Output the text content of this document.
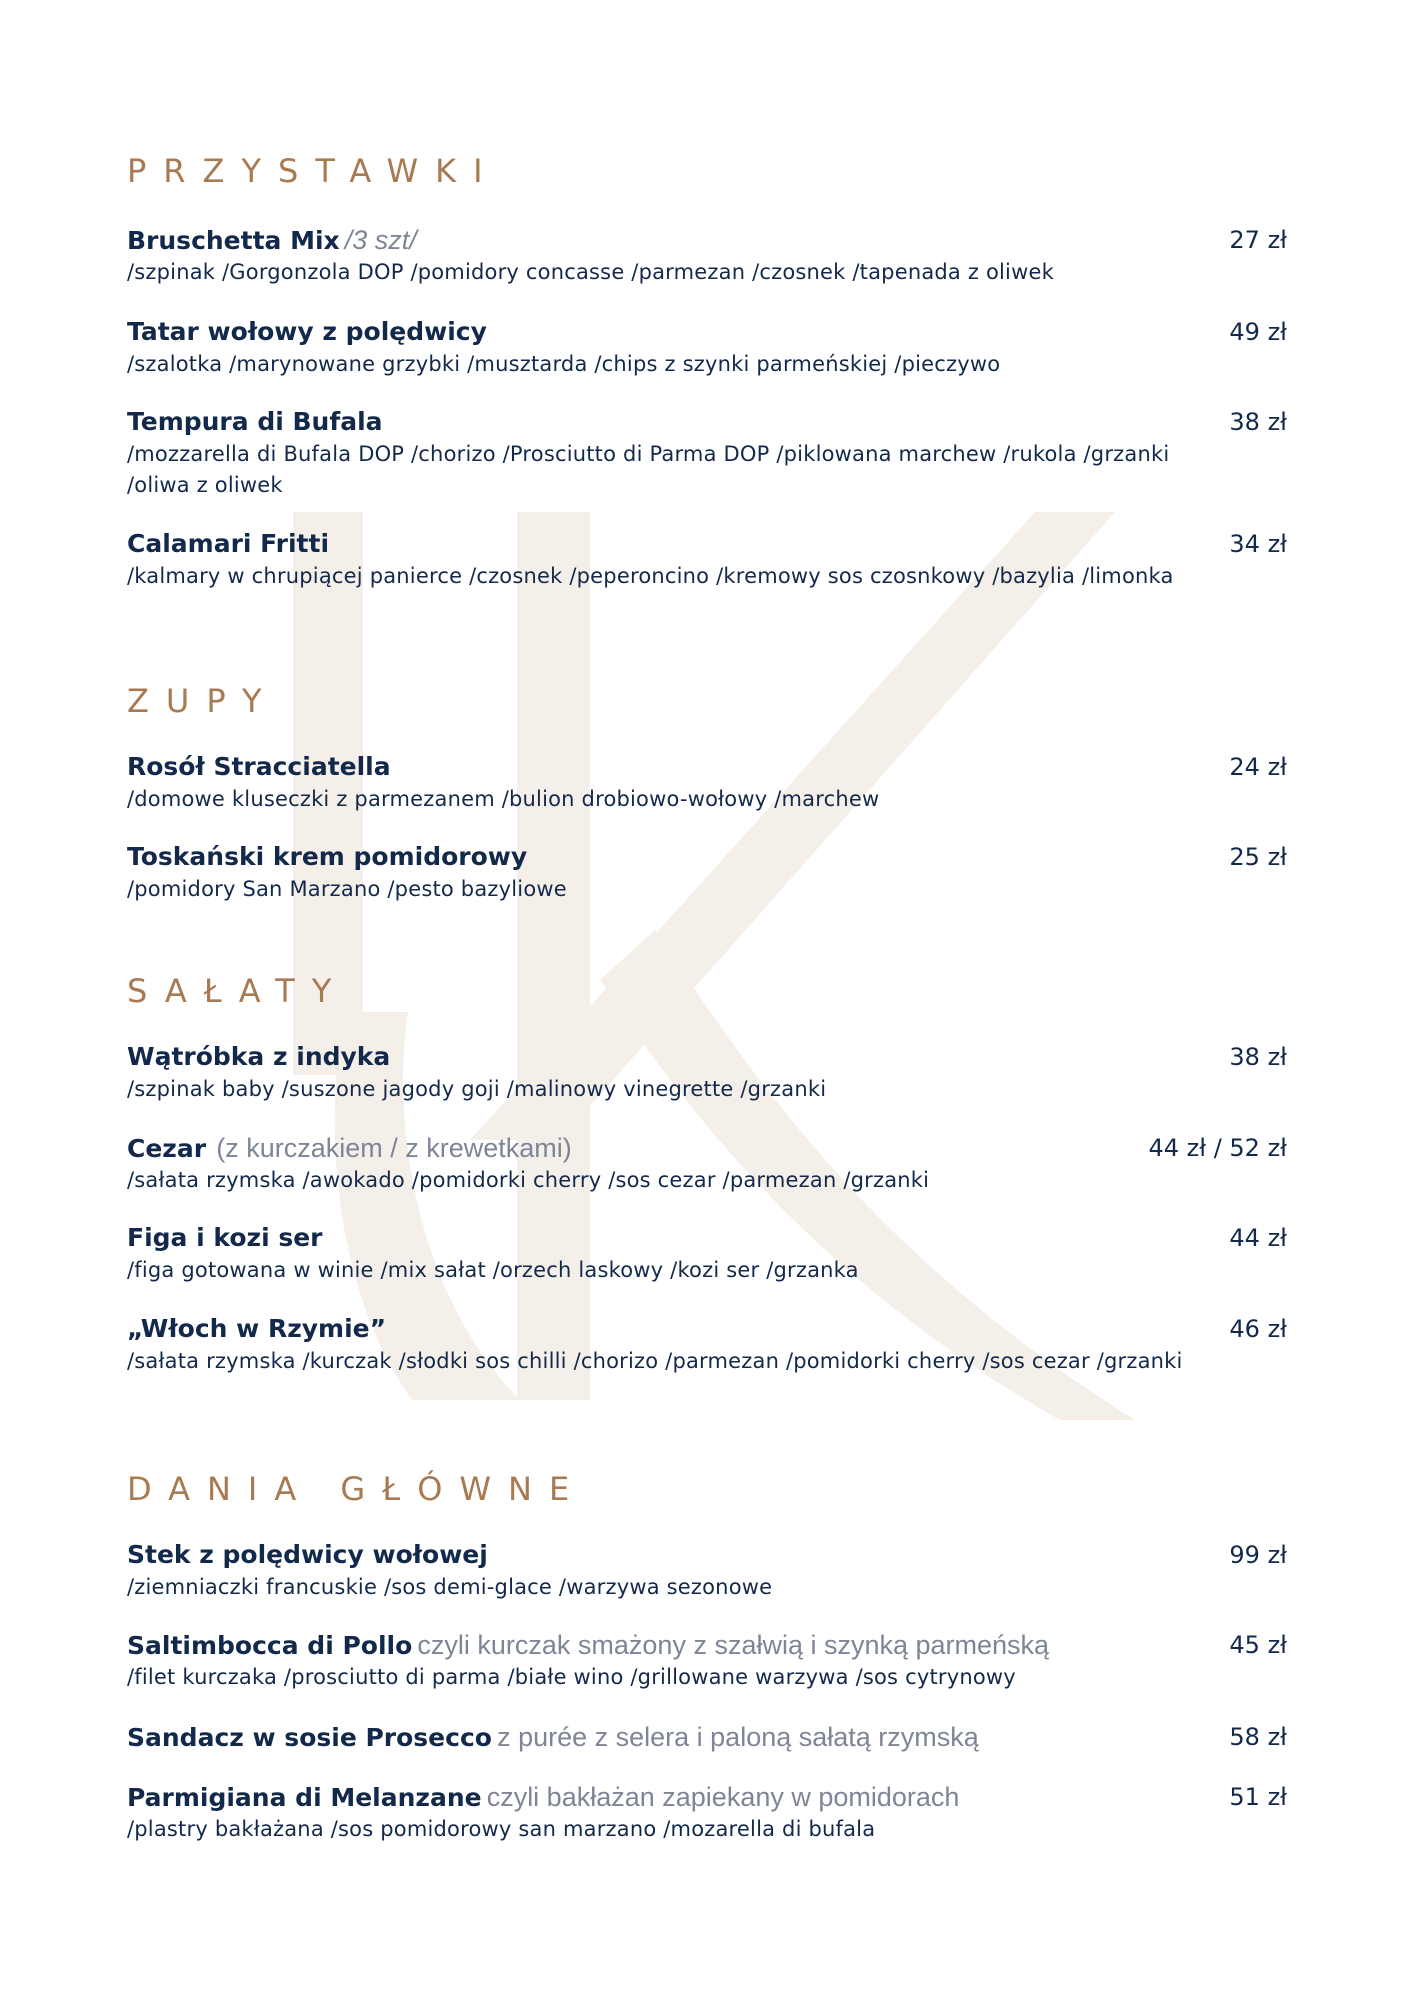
PRZYSTAWKI
Bruschetta Mix /3 szt/
/szpinak /Gorgonzola DOP /pomidory concasse /parmezan /czosnek /tapenada z oliwek
27 zł
Tatar wołowy z polędwicy
/szalotka /marynowane grzybki /musztarda /chips z szynki parmeńskiej /pieczywo
49 zł
Tempura di Bufala
/mozzarella di Bufala DOP /chorizo /Prosciutto di Parma DOP /piklowana marchew /rukola /grzanki /oliwa z oliwek
38 zł
Calamari Fritti
/kalmary w chrupiącej panierce /czosnek /peperoncino /kremowy sos czosnkowy /bazylia /limonka
34 zł
ZUPY
Rosół Stracciatella
/domowe kluseczki z parmezanem /bulion drobiowo-wołowy /marchew
24 zł
Toskański krem pomidorowy
/pomidory San Marzano /pesto bazyliowe
25 zł
SAŁATY
Wątróbka z indyka
/szpinak baby /suszone jagody goji /malinowy vinegrette /grzanki
38 zł
Cezar (z kurczakiem / z krewetkami)
/sałata rzymska /awokado /pomidorki cherry /sos cezar /parmezan /grzanki
44 zł / 52 zł
Figa i kozi ser
/figa gotowana w winie /mix sałat /orzech laskowy /kozi ser /grzanka
44 zł
„Włoch w Rzymie”
/sałata rzymska /kurczak /słodki sos chilli /chorizo /parmezan /pomidorki cherry /sos cezar /grzanki
46 zł
DANIA GŁÓWNE
Stek z polędwicy wołowej
/ziemniaczki francuskie /sos demi-glace /warzywa sezonowe
99 zł
Saltimbocca di Pollo czyli kurczak smażony z szałwią i szynką parmeńską
/filet kurczaka /prosciutto di parma /białe wino /grillowane warzywa /sos cytrynowy
45 zł
Sandacz w sosie Prosecco z purée z selera i paloną sałatą rzymską	58 zł
Parmigiana di Melanzane czyli bakłażan zapiekany w pomidorach
/plastry bakłażana /sos pomidorowy san marzano /mozarella di bufala
51 zł
